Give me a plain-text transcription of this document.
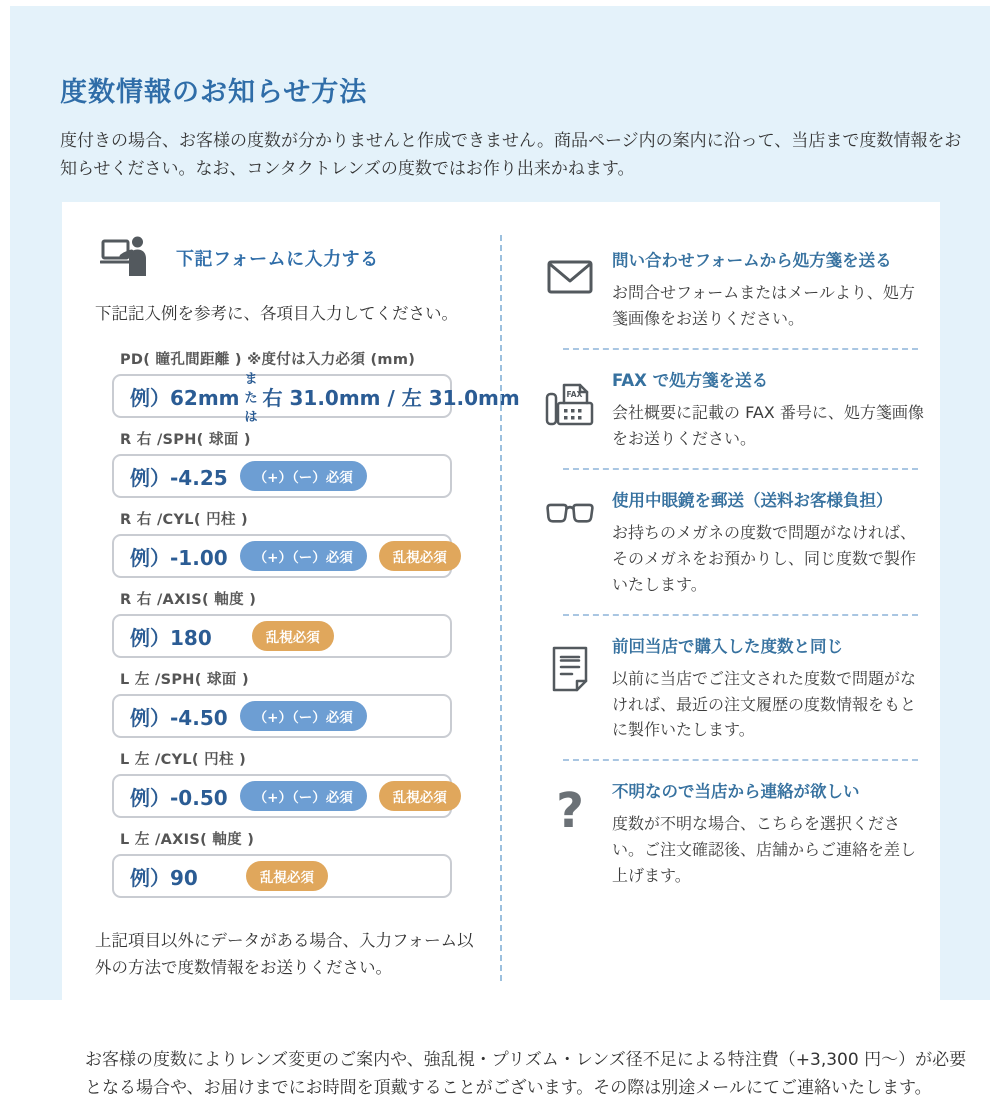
度数情報のお知らせ方法

度付きの場合、お客様の度数が分かりませんと作成できません。商品ページ内の案内に沿って、当店まで度数情報をお知らせください。なお、コンタクトレンズの度数ではお作り出来かねます。

下記フォームに入力する

下記記入例を参考に、各項目入力してください。

PD( 瞳孔間距離 ) ※度付は入力必須 (mm)
例）62mm
または
右 31.0mm / 左 31.0mm
R 右 /SPH( 球面 )
例）-4.25	（+）（ー）必須
R 右 /CYL( 円柱 )
例）-1.00	（+）（ー）必須	乱視必須
R 右 /AXIS( 軸度 )
例）180	乱視必須
L 左 /SPH( 球面 )
例）-4.50	（+）（ー）必須
L 左 /CYL( 円柱 )
例）-0.50	（+）（ー）必須	乱視必須
L 左 /AXIS( 軸度 )
例）90	乱視必須

上記項目以外にデータがある場合、入力フォーム以外の方法で度数情報をお送りください。

問い合わせフォームから処方箋を送る
お問合せフォームまたはメールより、処方箋画像をお送りください。
FAX
FAX で処方箋を送る
会社概要に記載の FAX 番号に、処方箋画像をお送りください。
使用中眼鏡を郵送（送料お客様負担）
お持ちのメガネの度数で問題がなければ、そのメガネをお預かりし、同じ度数で製作いたします。
前回当店で購入した度数と同じ
以前に当店でご注文された度数で問題がなければ、最近の注文履歴の度数情報をもとに製作いたします。
? 不明なので当店から連絡が欲しい
度数が不明な場合、こちらを選択ください。ご注文確認後、店舗からご連絡を差し上げます。

お客様の度数によりレンズ変更のご案内や、強乱視・プリズム・レンズ径不足による特注費（+3,300 円〜）が必要となる場合や、お届けまでにお時間を頂戴することがございます。その際は別途メールにてご連絡いたします。
